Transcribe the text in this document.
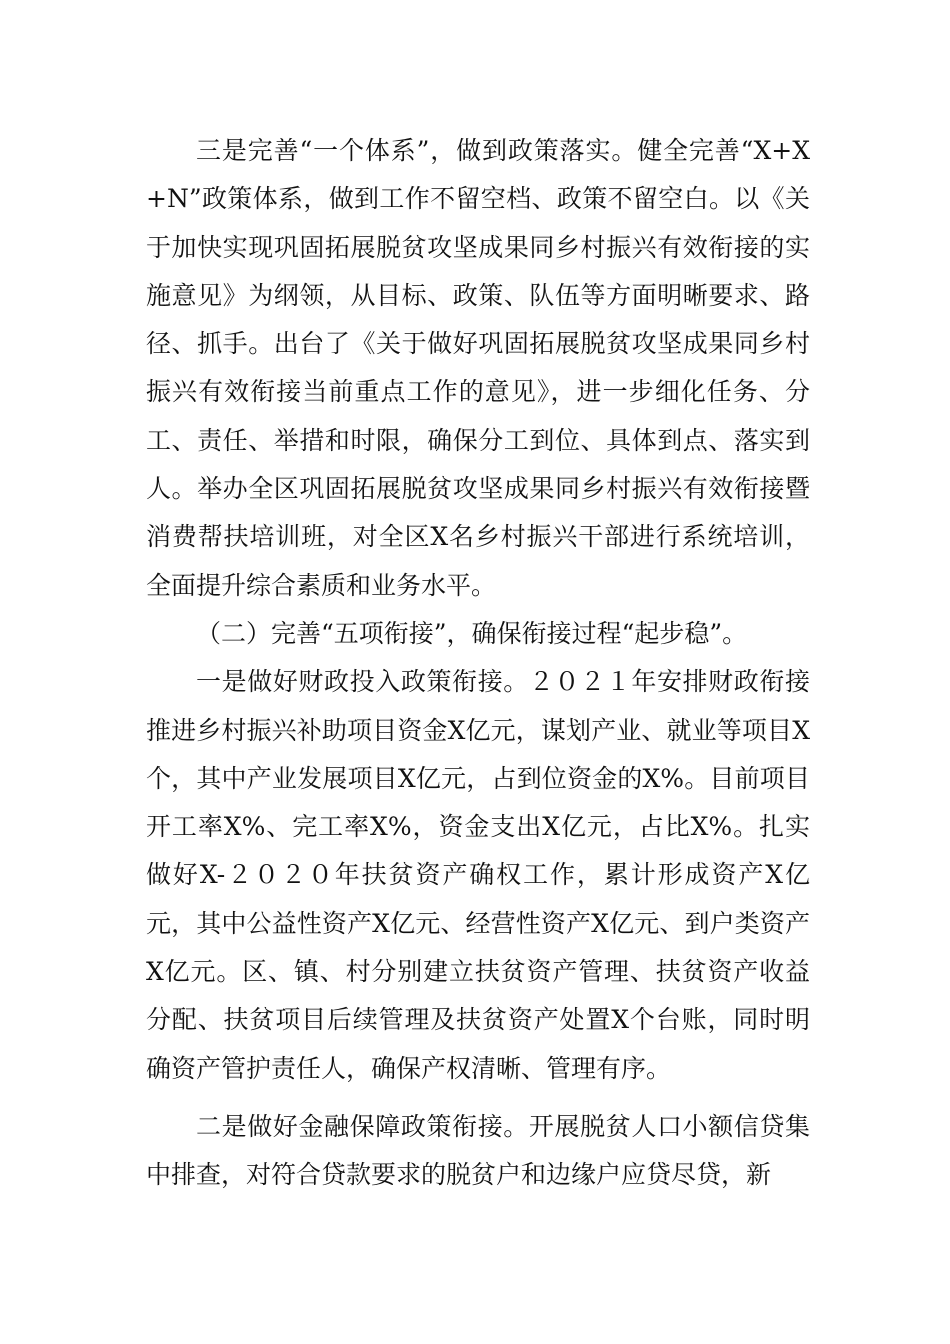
三是完善“一个体系”，做到政策落实。健全完善“X+X+N”政策体系，做到工作不留空档、政策不留空白。以《关于加快实现巩固拓展脱贫攻坚成果同乡村振兴有效衔接的实施意见》为纲领，从目标、政策、队伍等方面明晰要求、路径、抓手。出台了《关于做好巩固拓展脱贫攻坚成果同乡村振兴有效衔接当前重点工作的意见》，进一步细化任务、分工、责任、举措和时限，确保分工到位、具体到点、落实到人。举办全区巩固拓展脱贫攻坚成果同乡村振兴有效衔接暨消费帮扶培训班，对全区X名乡村振兴干部进行系统培训，全面提升综合素质和业务水平。

（二）完善“五项衔接”，确保衔接过程“起步稳”。

一是做好财政投入政策衔接。２０２１年安排财政衔接推进乡村振兴补助项目资金X亿元，谋划产业、就业等项目X个，其中产业发展项目X亿元，占到位资金的X%。目前项目开工率X%、完工率X%，资金支出X亿元，占比X%。扎实做好X-２０２０年扶贫资产确权工作，累计形成资产X亿元，其中公益性资产X亿元、经营性资产X亿元、到户类资产X亿元。区、镇、村分别建立扶贫资产管理、扶贫资产收益分配、扶贫项目后续管理及扶贫资产处置X个台账，同时明确资产管护责任人，确保产权清晰、管理有序。

二是做好金融保障政策衔接。开展脱贫人口小额信贷集中排查，对符合贷款要求的脱贫户和边缘户应贷尽贷，新
